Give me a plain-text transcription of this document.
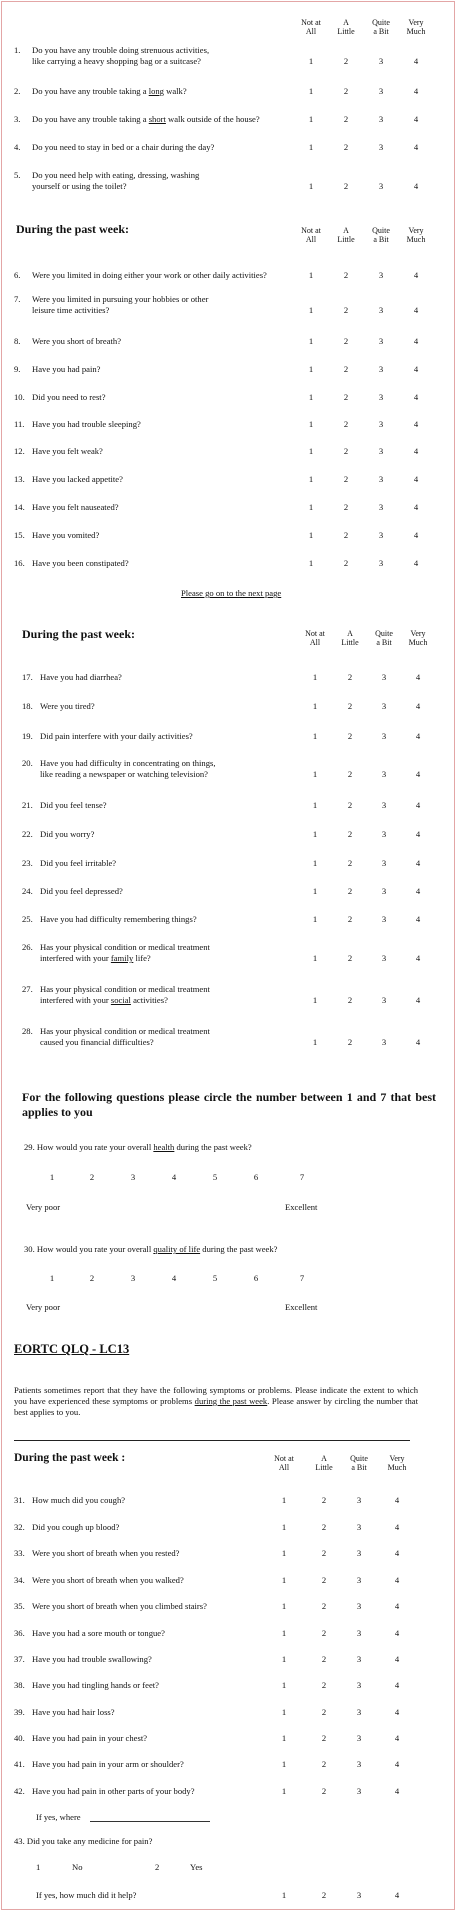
Not at
All
A
Little
Quite
a Bit
Very
Much
1.	Do you have any trouble doing strenuous activities,
like carrying a heavy shopping bag or a suitcase?	1	2	3	4
2.	Do you have any trouble taking a long walk?	1	2	3	4
3.	Do you have any trouble taking a short walk outside of the house?	1	2	3	4
4.	Do you need to stay in bed or a chair during the day?	1	2	3	4
5.	Do you need help with eating, dressing, washing
yourself or using the toilet?	1	2	3	4
During the past week:	Not at
All
A
Little
Quite
a Bit
Very
Much
6.	Were you limited in doing either your work or other daily activities?	1	2	3	4
7.	Were you limited in pursuing your hobbies or other
leisure time activities?	1	2	3	4
8.	Were you short of breath?	1	2	3	4
9.	Have you had pain?	1	2	3	4
10. Did you need to rest?	1	2	3	4
11. Have you had trouble sleeping?	1	2	3	4
12. Have you felt weak?	1	2	3	4
13. Have you lacked appetite?	1	2	3	4
14. Have you felt nauseated?	1	2	3	4
15. Have you vomited?	1	2	3	4
16. Have you been constipated?	1	2	3	4
Please go on to the next page
During the past week:	Not at
All
A
Little
Quite
a Bit
Very
Much
17. Have you had diarrhea?	1	2	3	4
18. Were you tired?	1	2	3	4
19. Did pain interfere with your daily activities?	1	2	3	4
20. Have you had difficulty in concentrating on things,
like reading a newspaper or watching television?	1	2	3	4
21. Did you feel tense?	1	2	3	4
22. Did you worry?	1	2	3	4
23. Did you feel irritable?	1	2	3	4
24. Did you feel depressed?	1	2	3	4
25. Have you had difficulty remembering things?	1	2	3	4
26. Has your physical condition or medical treatment
interfered with your family life?	1	2	3	4
27. Has your physical condition or medical treatment
interfered with your social activities?	1	2	3	4
28. Has your physical condition or medical treatment
caused you financial difficulties?	1	2	3	4
For the following questions please circle the number between 1 and 7 that best applies to you
29. How would you rate your overall health during the past week?
1	2	3	4	5	6	7
Very poor	Excellent
30. How would you rate your overall quality of life during the past week?
1	2	3	4	5	6	7
Very poor	Excellent
EORTC QLQ - LC13
Patients sometimes report that they have the following symptoms or problems. Please indicate the extent to which you have experienced these symptoms or problems during the past week. Please answer by circling the number that best applies to you.
During the past week :	Not at
All
A
Little
Quite
a Bit
Very
Much
31. How much did you cough?	1	2	3	4
32. Did you cough up blood?	1	2	3	4
33. Were you short of breath when you rested?	1	2	3	4
34. Were you short of breath when you walked?	1	2	3	4
35. Were you short of breath when you climbed stairs?	1	2	3	4
36. Have you had a sore mouth or tongue?	1	2	3	4
37. Have you had trouble swallowing?	1	2	3	4
38. Have you had tingling hands or feet?	1	2	3	4
39. Have you had hair loss?	1	2	3	4
40. Have you had pain in your chest?	1	2	3	4
41. Have you had pain in your arm or shoulder?	1	2	3	4
42. Have you had pain in other parts of your body?	1	2	3	4
If yes, where
43. Did you take any medicine for pain?
1	No	2	Yes
If yes, how much did it help?	1	2	3	4
